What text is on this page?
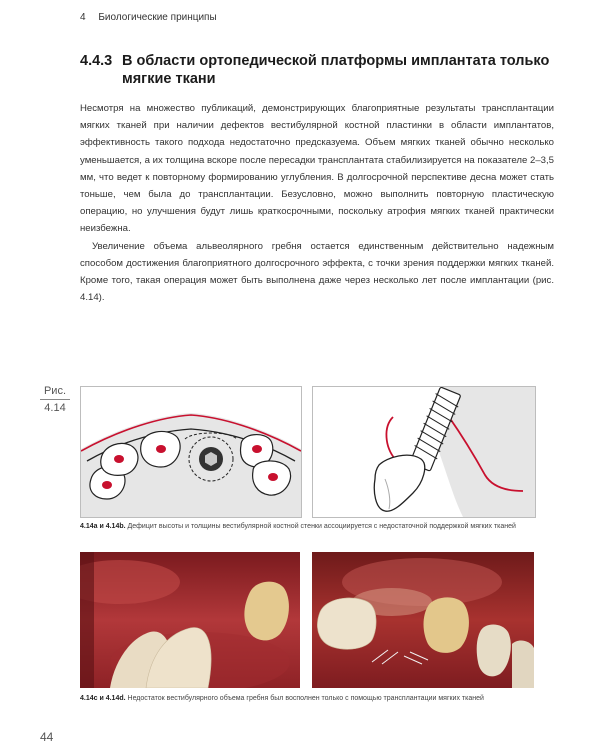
4 Биологические принципы
4.4.3 В области ортопедической платформы имплантата только мягкие ткани

Несмотря на множество публикаций, демонстрирующих благоприятные результаты трансплантации мягких тканей при наличии дефектов вестибулярной костной пластинки в области имплантатов, эффективность такого подхода недостаточно предсказуема. Объем мягких тканей обычно несколько уменьшается, а их толщина вскоре после пересадки трансплантата стабилизируется на показателе 2–3,5 мм, что ведет к повторному формированию углубления. В долгосрочной перспективе десна может стать тоньше, чем была до трансплантации. Безусловно, можно выполнить повторную пластическую операцию, но улучшения будут лишь краткосрочными, поскольку атрофия мягких тканей практически неизбежна.

Увеличение объема альвеолярного гребня остается единственным действительно надежным способом достижения благоприятного долгосрочного эффекта, с точки зрения поддержки мягких тканей. Кроме того, такая операция может быть выполнена даже через несколько лет после имплантации (рис. 4.14).

Рис.
4.14
4.14a и 4.14b. Дефицит высоты и толщины вестибулярной костной стенки ассоциируется с недостаточной поддержкой мягких тканей
4.14c и 4.14d. Недостаток вестибулярного объема гребня был восполнен только с помощью трансплантации мягких тканей
44
